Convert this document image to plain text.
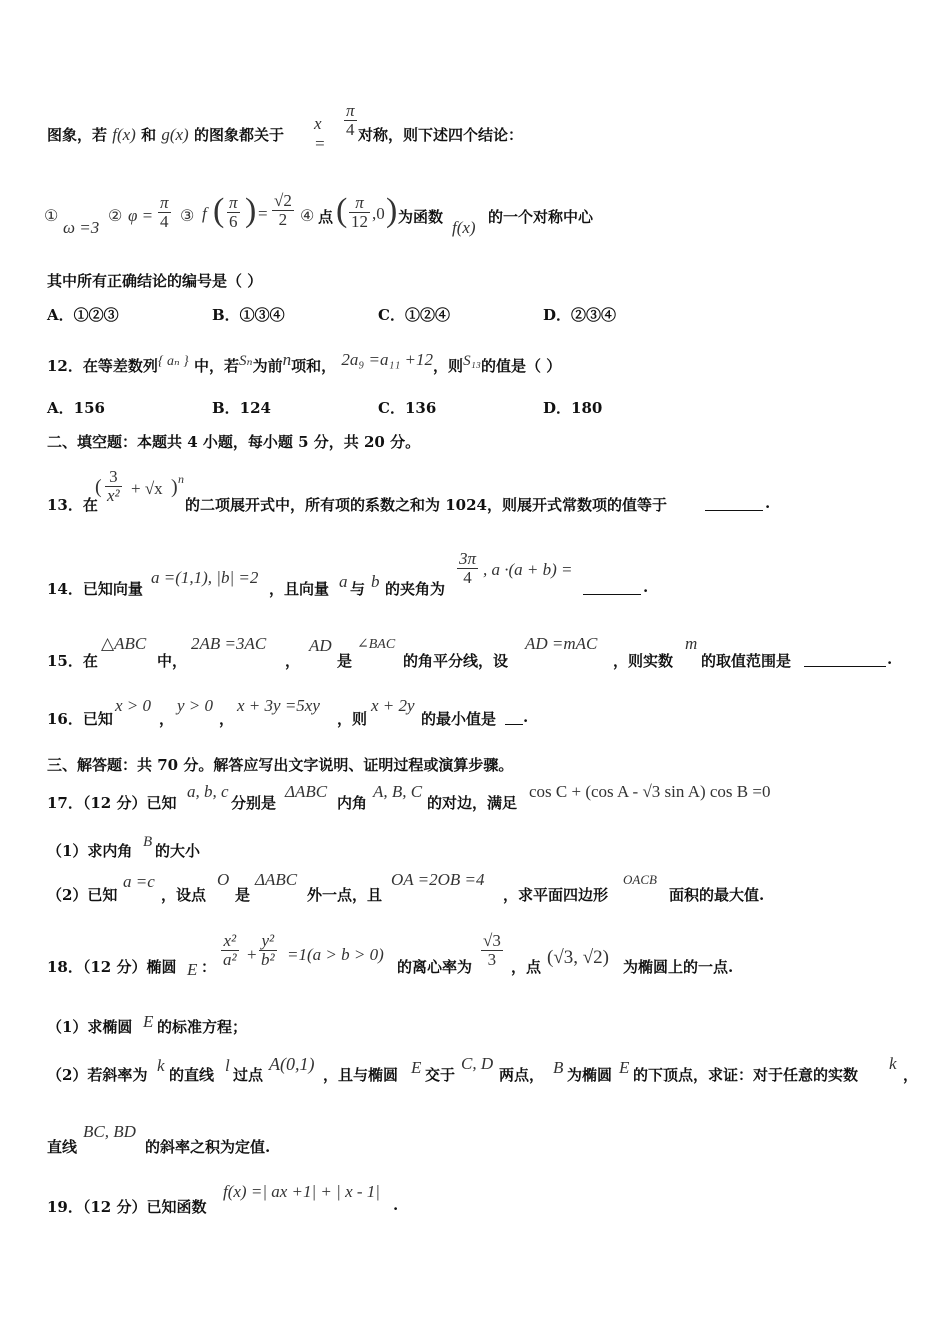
图象，若 f(x) 和 g(x) 的图象都关于
x =
$\frac{\pi}{4}$ 对称，则下述四个结论：
①
ω =3
② $\varphi = \frac{\pi}{4}$ ③ f ( $\frac{\pi}{6}$ ) = $\frac{√2}{2}$ ④ 点 ( $\frac{\pi}{12} ,0$ ) 为函数
f(x)
的一个对称中心
其中所有正确结论的编号是（ ）
A．①②③	B．①③④	C．①②④	D．②③④
12．在等差数列{ aₙ } 中，若Sₙ为前n项和， 2a₉ =a₁₁ +12，则S₁₃的值是（ ）
A．156	B．124	C．136	D．180
二、填空题：本题共 4 小题，每小题 5 分，共 20 分。
13．在
( $\frac{3}{\text{x²}} + √x$ ) n
的二项展开式中，所有项的系数之和为 1024，则展开式常数项的值等于	.
14．已知向量
a =(1,1), |b| =2
，且向量 a 与 b 的夹角为
$\frac{3\pi}{4}$ , a ·(a + b) =
.
15．在
△ABC
中，
2AB =3AC
，
AD
是
∠BAC
的角平分线，设
AD =mAC
，则实数
m
的取值范围是	.
16．已知
x > 0
，
y > 0
，
x + 3y =5xy
，则
x + 2y
的最小值是 .
三、解答题：共 70 分。解答应写出文字说明、证明过程或演算步骤。
17．（12 分）已知
a, b, c
分别是
ΔABC
内角
A, B, C
的对边，满足
cos C + (cos A - √3 sin A) cos B =0
（1）求内角 B 的大小
（2）已知
a =c
，设点
O
是
ΔABC
外一点，且
OA =2OB =4
，求平面四边形
OACB
面积的最大值.
18．（12 分）椭圆 E ： $\frac{\text{x²}}{\text{a²}} + \frac{\text{y²}}{\text{b²}} =1(a > b > 0)$
的离心率为 $\frac{√3}{3}$ ，点 (√3, √2) 为椭圆上的一点.
（1）求椭圆 E 的标准方程；
（2）若斜率为 k 的直线 l 过点
A(0,1)
，且与椭圆 E 交于
C, D
两点， B 为椭圆 E 的下顶点，求证：对于任意的实数
k
，
直线
BC, BD
的斜率之积为定值.
19．（12 分）已知函数
f(x) =| ax +1| + | x - 1|
.
